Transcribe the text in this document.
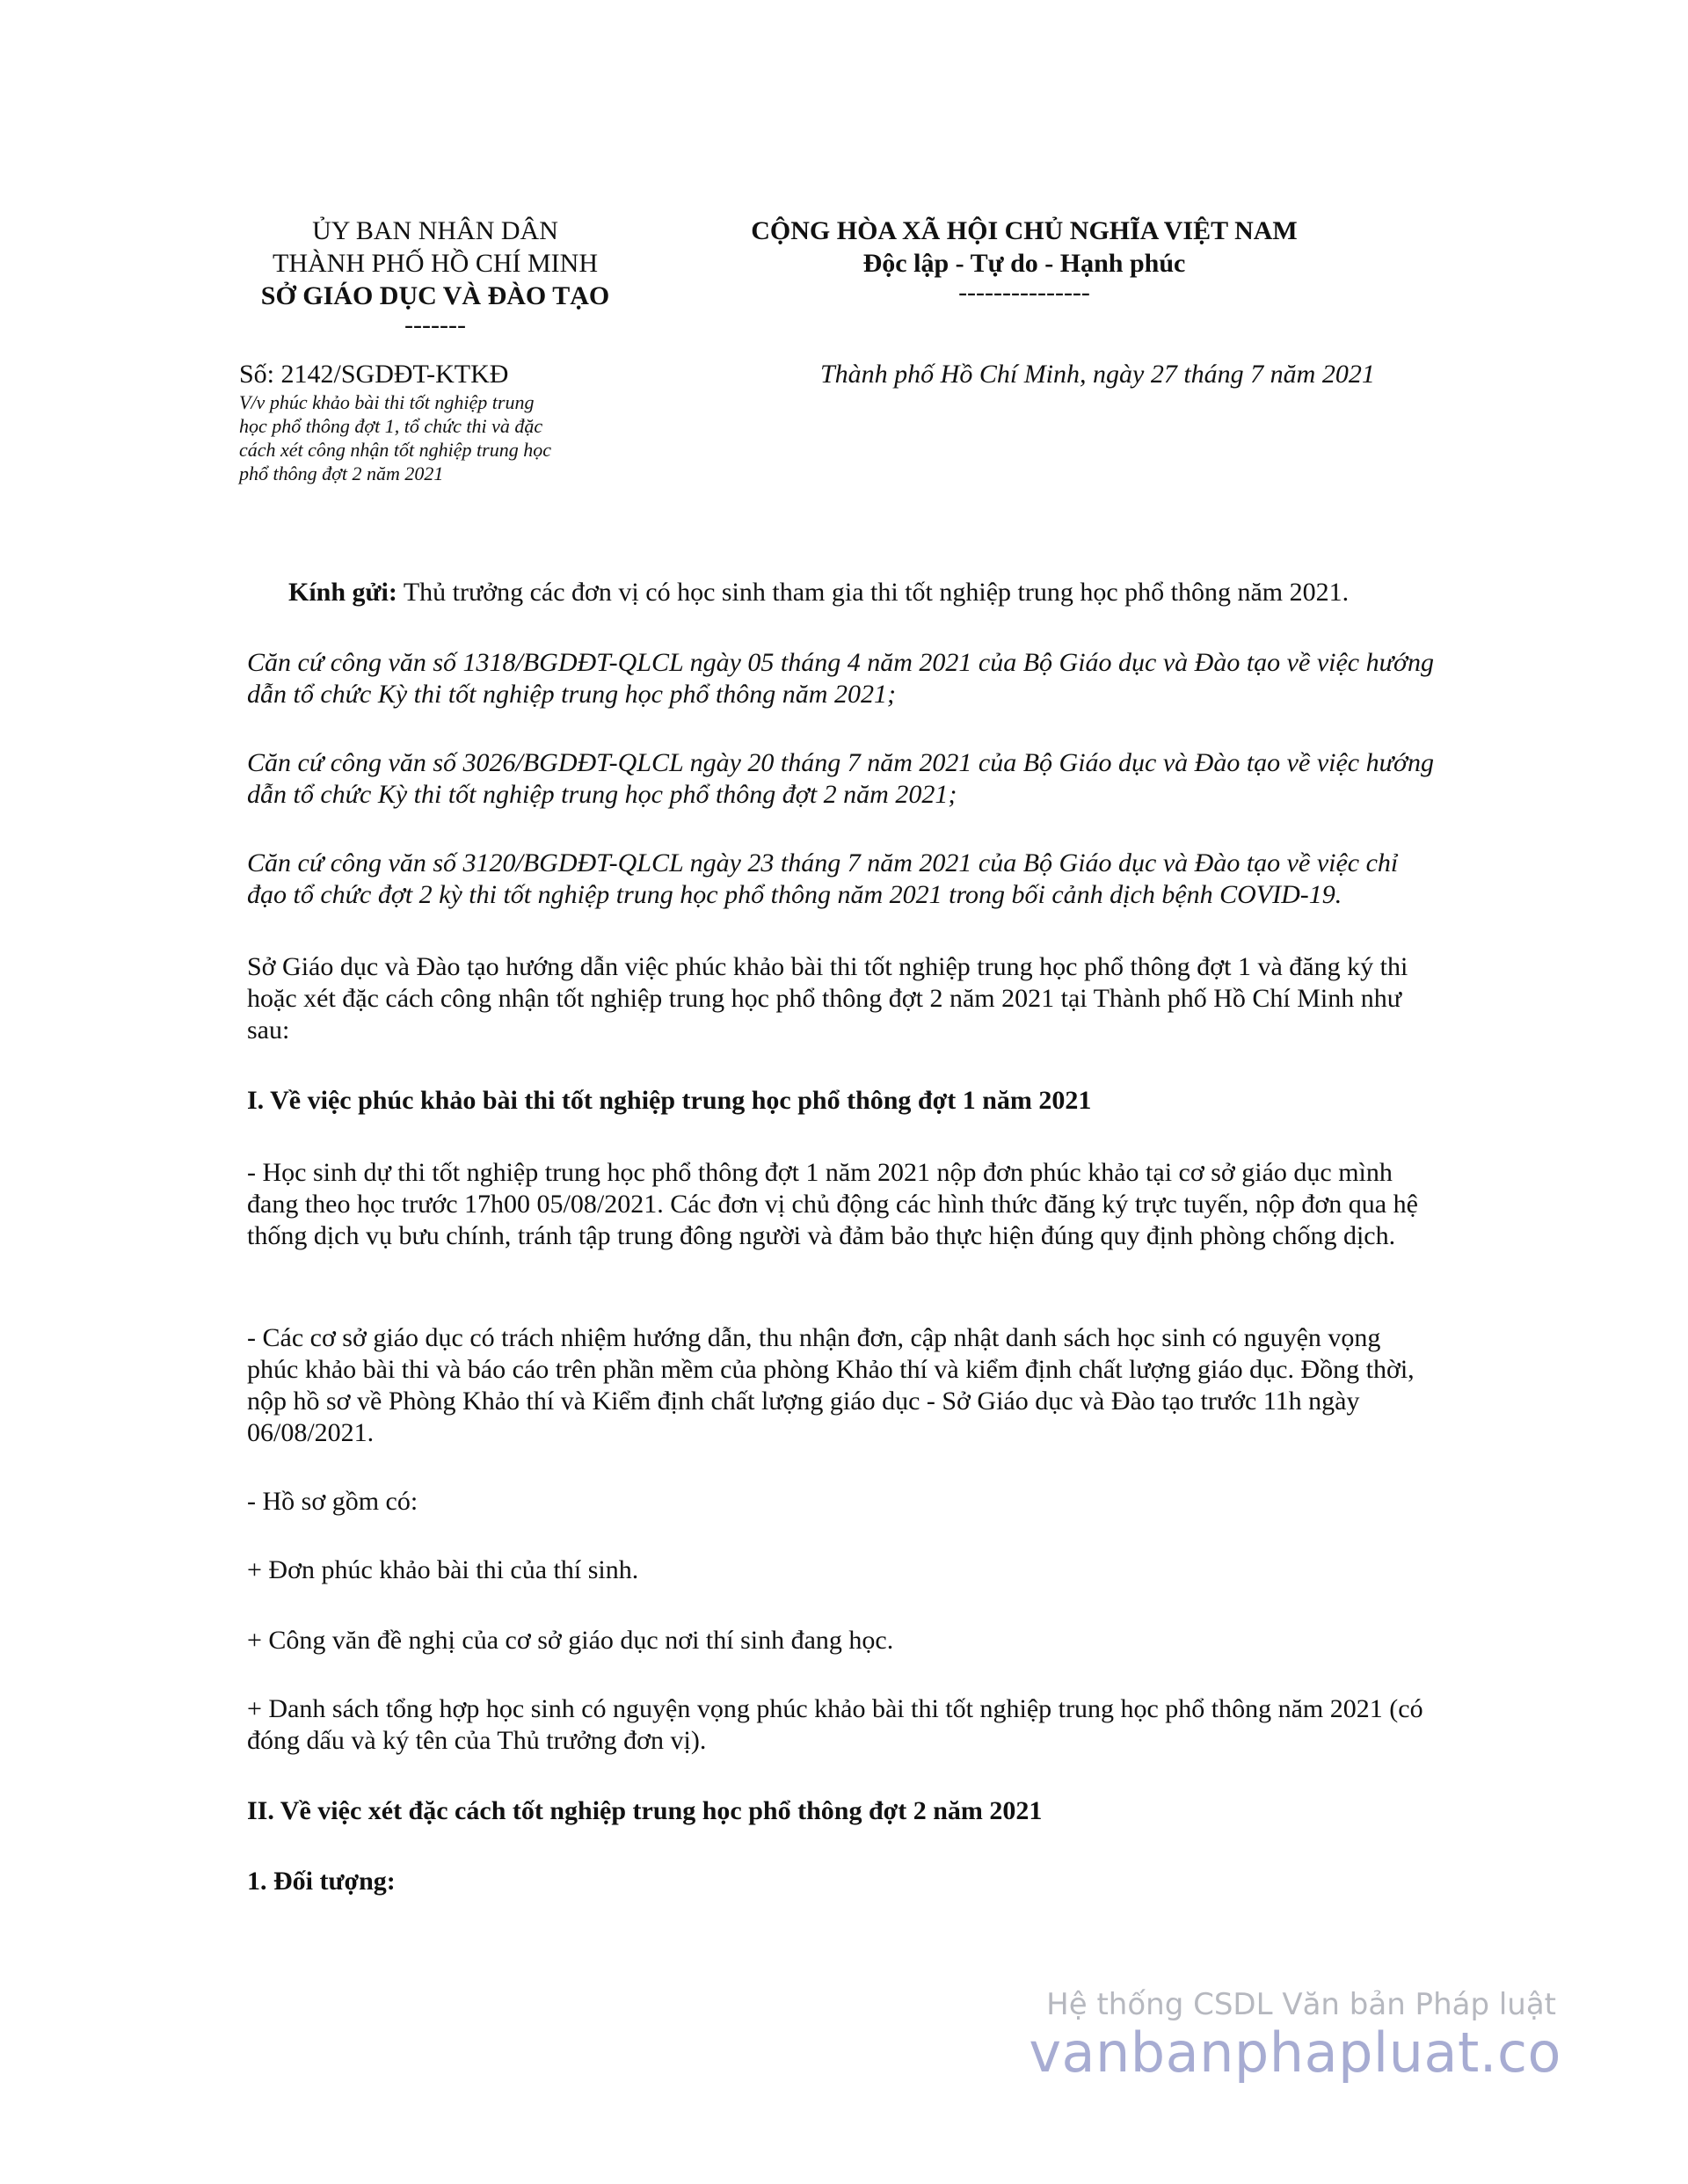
ỦY BAN NHÂN DÂN
THÀNH PHỐ HỒ CHÍ MINH
SỞ GIÁO DỤC VÀ ĐÀO TẠO
-------
CỘNG HÒA XÃ HỘI CHỦ NGHĨA VIỆT NAM
Độc lập - Tự do - Hạnh phúc
---------------
Số: 2142/SGDĐT-KTKĐ	Thành phố Hồ Chí Minh, ngày 27 tháng 7 năm 2021
V/v phúc khảo bài thi tốt nghiệp trung
học phổ thông đợt 1, tổ chức thi và đặc
cách xét công nhận tốt nghiệp trung học
phổ thông đợt 2 năm 2021
Kính gửi: Thủ trưởng các đơn vị có học sinh tham gia thi tốt nghiệp trung học phổ thông năm 2021.
Căn cứ công văn số 1318/BGDĐT-QLCL ngày 05 tháng 4 năm 2021 của Bộ Giáo dục và Đào tạo về việc hướng dẫn tổ chức Kỳ thi tốt nghiệp trung học phổ thông năm 2021;
Căn cứ công văn số 3026/BGDĐT-QLCL ngày 20 tháng 7 năm 2021 của Bộ Giáo dục và Đào tạo về việc hướng dẫn tổ chức Kỳ thi tốt nghiệp trung học phổ thông đợt 2 năm 2021;
Căn cứ công văn số 3120/BGDĐT-QLCL ngày 23 tháng 7 năm 2021 của Bộ Giáo dục và Đào tạo về việc chỉ đạo tổ chức đợt 2 kỳ thi tốt nghiệp trung học phổ thông năm 2021 trong bối cảnh dịch bệnh COVID-19.
Sở Giáo dục và Đào tạo hướng dẫn việc phúc khảo bài thi tốt nghiệp trung học phổ thông đợt 1 và đăng ký thi hoặc xét đặc cách công nhận tốt nghiệp trung học phổ thông đợt 2 năm 2021 tại Thành phố Hồ Chí Minh như sau:
I. Về việc phúc khảo bài thi tốt nghiệp trung học phổ thông đợt 1 năm 2021
- Học sinh dự thi tốt nghiệp trung học phổ thông đợt 1 năm 2021 nộp đơn phúc khảo tại cơ sở giáo dục mình đang theo học trước 17h00 05/08/2021. Các đơn vị chủ động các hình thức đăng ký trực tuyến, nộp đơn qua hệ thống dịch vụ bưu chính, tránh tập trung đông người và đảm bảo thực hiện đúng quy định phòng chống dịch.
- Các cơ sở giáo dục có trách nhiệm hướng dẫn, thu nhận đơn, cập nhật danh sách học sinh có nguyện vọng phúc khảo bài thi và báo cáo trên phần mềm của phòng Khảo thí và kiểm định chất lượng giáo dục. Đồng thời, nộp hồ sơ về Phòng Khảo thí và Kiểm định chất lượng giáo dục - Sở Giáo dục và Đào tạo trước 11h ngày 06/08/2021.
- Hồ sơ gồm có:
+ Đơn phúc khảo bài thi của thí sinh.
+ Công văn đề nghị của cơ sở giáo dục nơi thí sinh đang học.
+ Danh sách tổng hợp học sinh có nguyện vọng phúc khảo bài thi tốt nghiệp trung học phổ thông năm 2021 (có đóng dấu và ký tên của Thủ trưởng đơn vị).
II. Về việc xét đặc cách tốt nghiệp trung học phổ thông đợt 2 năm 2021
1. Đối tượng:
Hệ thống CSDL Văn bản Pháp luật
vanbanphapluat.co
